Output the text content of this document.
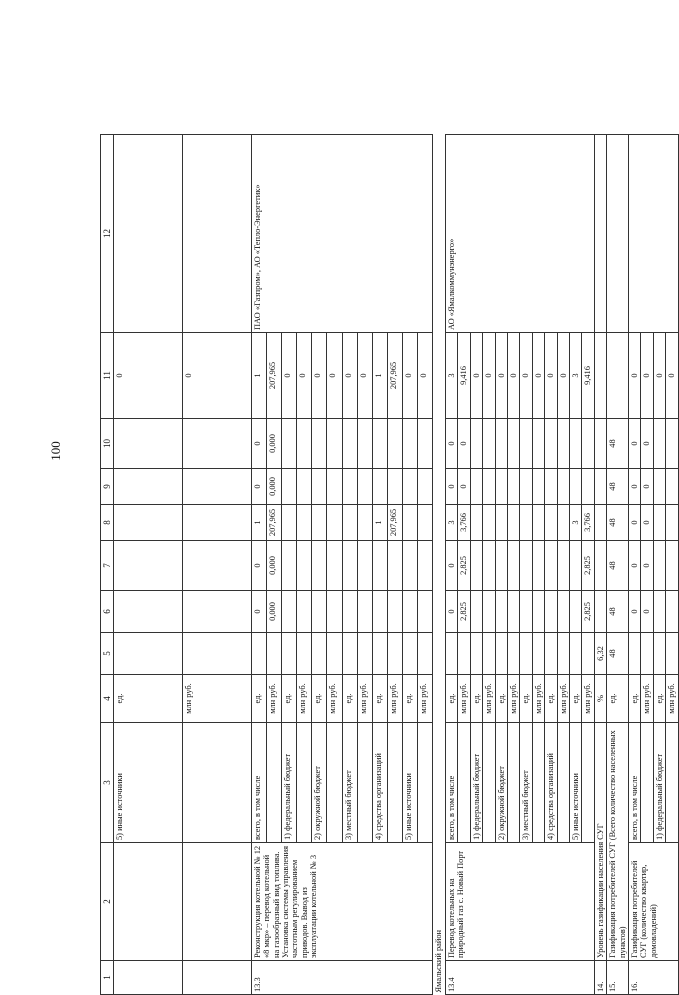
100
1	2	3	4	5	6	7	8	9	10	11	12	
		5) иные источники	ед.							0		
			млн руб.							0		
13.3	Реконструкция котельной № 12 «8 мкр» – перевод котельной на газообразный вид топлива. Установка системы управления частотным регулированием приводов. Вывод из эксплуатации котельной № 3	всего, в том числе	ед.		0	0	1	0	0	1	ПАО «Газпром», АО «Тепло-Энергетик»	
			млн руб.		0,000	0,000	207,965	0,000	0,000	207,965		
		1) федеральный бюджет	ед.							0		
			млн руб.							0		
		2) окружной бюджет	ед.							0		
			млн руб.							0		
		3) местный бюджет	ед.							0		
			млн руб.							0		
		4) средства организаций	ед.				1			1		
			млн руб.				207,965			207,965		
		5) иные источники	ед.							0		
			млн руб.							0		
Ямальский район												
13.4	Перевод котельных на природный газ с. Новый Порт	всего, в том числе	ед.		0	0	3	0	0	3	АО «Ямалкоммунэнерго»	
			млн руб.		2,825	2,825	3,766	0	0	9,416		
		1) федеральный бюджет	ед.							0		
			млн руб.							0		
		2) окружной бюджет	ед.							0		
			млн руб.							0		
		3) местный бюджет	ед.							0		
			млн руб.							0		
		4) средства организаций	ед.							0		
			млн руб.							0		
		5) иные источники	ед.				3			3		
			млн руб.		2,825	2,825	3,766			9,416		
14.	Уровень газификации населения СУГ		%	6,32								
15.	Газификация потребителей СУГ (Всего количество населенных пунктов)		ед.	48	48	48	48	48	48			
16.	Газификация потребителей СУГ (количество квартир, домовладений)	всего, в том числе	ед.		0	0	0	0	0	0		
			млн руб.		0	0	0	0	0	0		
		1) федеральный бюджет	ед.							0		
			млн руб.							0		
